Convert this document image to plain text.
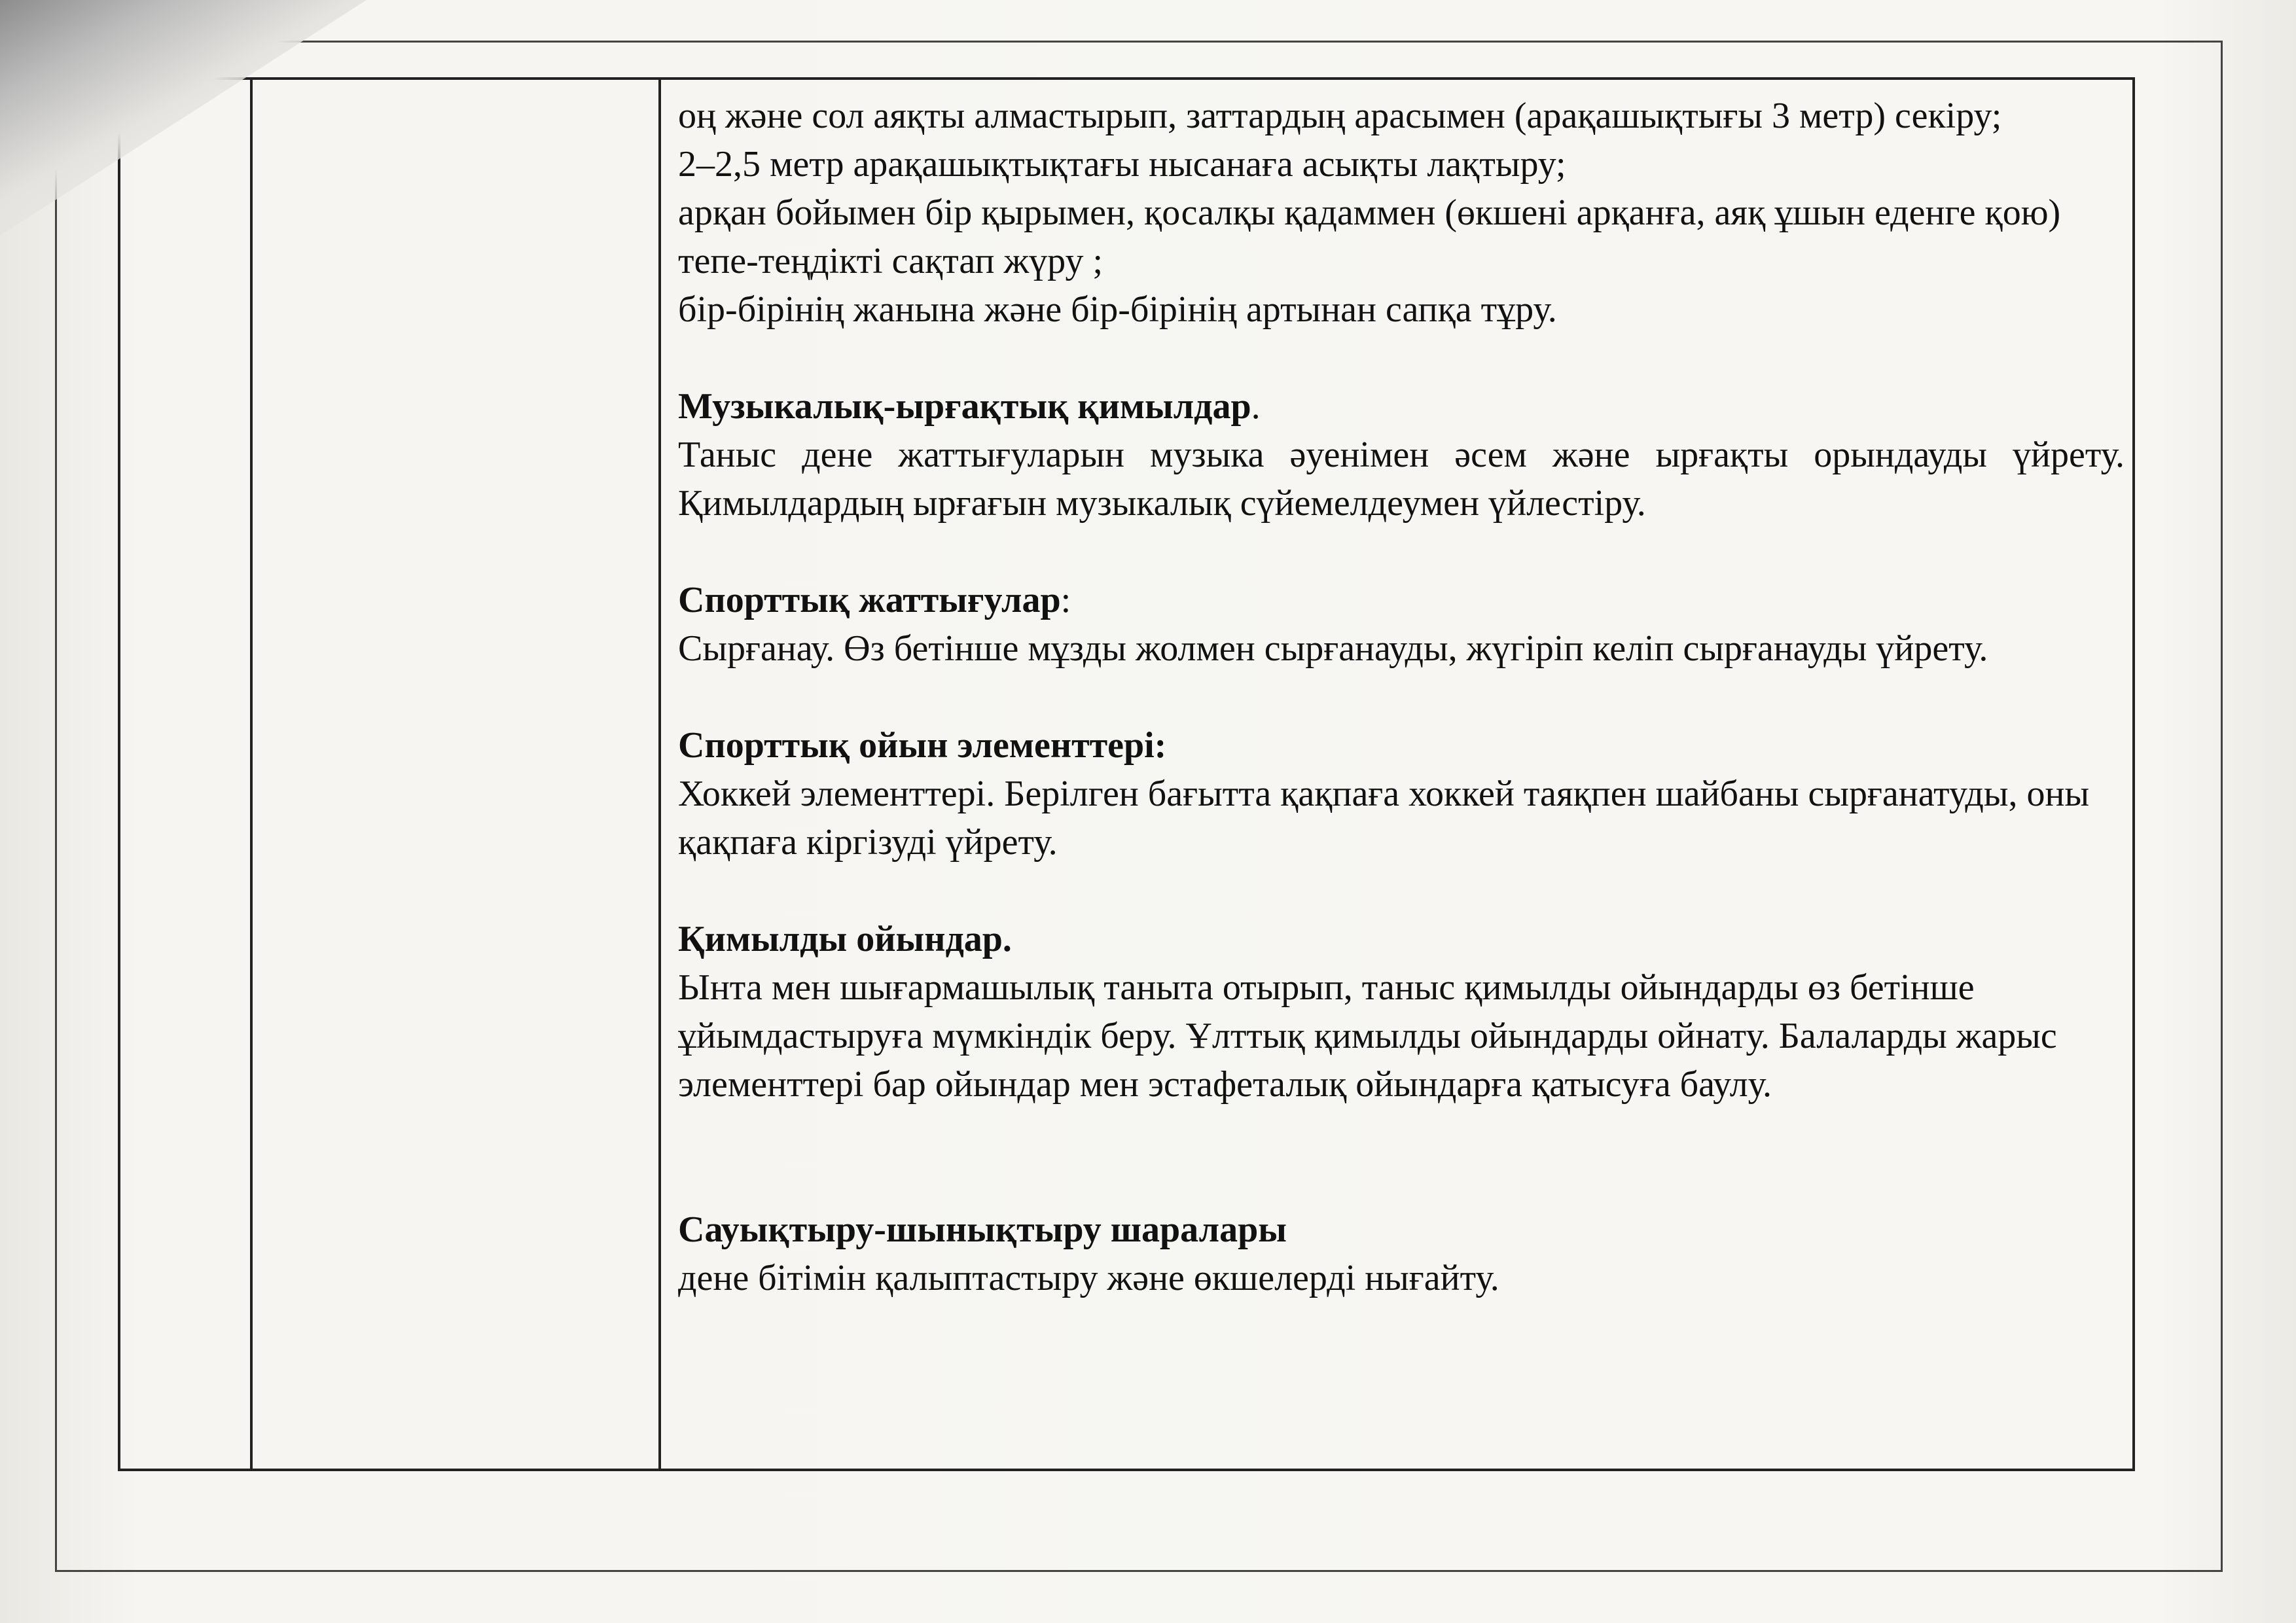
оң және сол аяқты алмастырып, заттардың арасымен (арақашықтығы 3 метр) секіру;

2–2,5 метр арақашықтықтағы нысанаға асықты лақтыру;

арқан бойымен бір қырымен, қосалқы қадаммен (өкшені арқанға, аяқ ұшын еденге қою) тепе-теңдікті сақтап жүру ;

бір-бірінің жанына және бір-бірінің артынан сапқа тұру.

Музыкалық-ырғақтық қимылдар.

Таныс дене жаттығуларын музыка әуенімен әсем және ырғақты орындауды үйрету. Қимылдардың ырғағын музыкалық сүйемелдеумен үйлестіру.

Спорттық жаттығулар:

Сырғанау. Өз бетінше мұзды жолмен сырғанауды, жүгіріп келіп сырғанауды үйрету.

Спорттық ойын элементтері:

Хоккей элементтері. Берілген бағытта қақпаға хоккей таяқпен шайбаны сырғанатуды, оны қақпаға кіргізуді үйрету.

Қимылды ойындар.

Ынта мен шығармашылық таныта отырып, таныс қимылды ойындарды өз бетінше ұйымдастыруға мүмкіндік беру. Ұлттық қимылды ойындарды ойнату. Балаларды жарыс элементтері бар ойындар мен эстафеталық ойындарға қатысуға баулу.

Сауықтыру-шынықтыру шаралары

дене бітімін қалыптастыру және өкшелерді нығайту.
